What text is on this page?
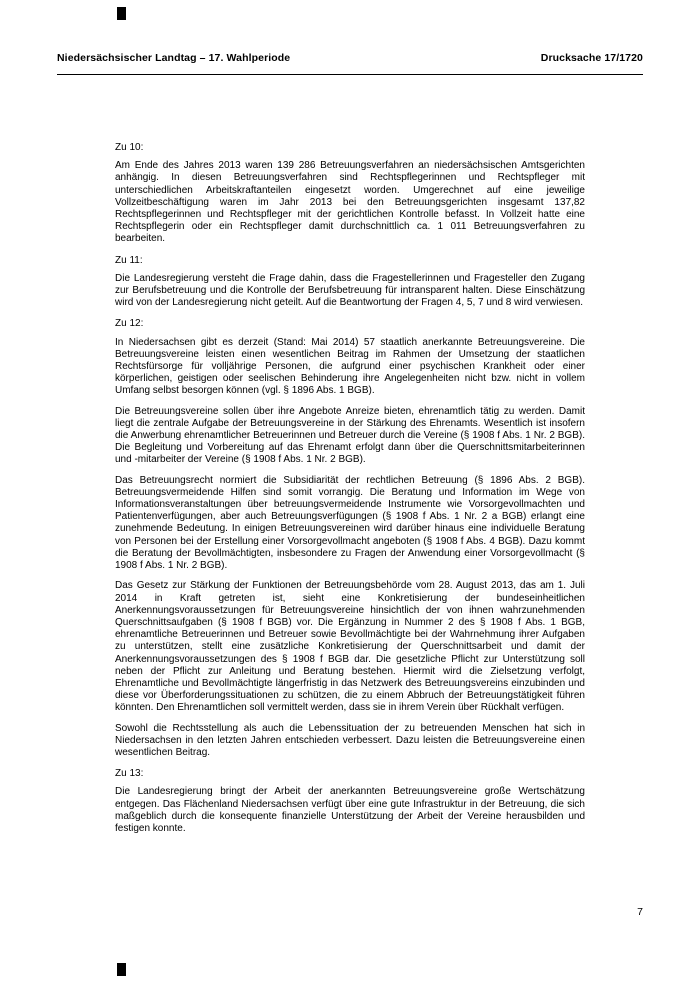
Niedersächsischer Landtag – 17. Wahlperiode	Drucksache 17/1720

Zu 10:

Am Ende des Jahres 2013 waren 139 286 Betreuungsverfahren an niedersächsischen Amtsgerichten anhängig. In diesen Betreuungsverfahren sind Rechtspflegerinnen und Rechtspfleger mit unterschiedlichen Arbeitskraftanteilen eingesetzt worden. Umgerechnet auf eine jeweilige Vollzeitbeschäftigung waren im Jahr 2013 bei den Betreuungsgerichten insgesamt 137,82 Rechtspflegerinnen und Rechtspfleger mit der gerichtlichen Kontrolle befasst. In Vollzeit hatte eine Rechtspflegerin oder ein Rechtspfleger damit durchschnittlich ca. 1 011 Betreuungsverfahren zu bearbeiten.

Zu 11:

Die Landesregierung versteht die Frage dahin, dass die Fragestellerinnen und Fragesteller den Zugang zur Berufsbetreuung und die Kontrolle der Berufsbetreuung für intransparent halten. Diese Einschätzung wird von der Landesregierung nicht geteilt. Auf die Beantwortung der Fragen 4, 5, 7 und 8 wird verwiesen.

Zu 12:

In Niedersachsen gibt es derzeit (Stand: Mai 2014) 57 staatlich anerkannte Betreuungsvereine. Die Betreuungsvereine leisten einen wesentlichen Beitrag im Rahmen der Umsetzung der staatlichen Rechtsfürsorge für volljährige Personen, die aufgrund einer psychischen Krankheit oder einer körperlichen, geistigen oder seelischen Behinderung ihre Angelegenheiten nicht bzw. nicht in vollem Umfang selbst besorgen können (vgl. § 1896 Abs. 1 BGB).

Die Betreuungsvereine sollen über ihre Angebote Anreize bieten, ehrenamtlich tätig zu werden. Damit liegt die zentrale Aufgabe der Betreuungsvereine in der Stärkung des Ehrenamts. Wesentlich ist insofern die Anwerbung ehrenamtlicher Betreuerinnen und Betreuer durch die Vereine (§ 1908 f Abs. 1 Nr. 2 BGB). Die Begleitung und Vorbereitung auf das Ehrenamt erfolgt dann über die Querschnittsmitarbeiterinnen und -mitarbeiter der Vereine (§ 1908 f Abs. 1 Nr. 2 BGB).

Das Betreuungsrecht normiert die Subsidiarität der rechtlichen Betreuung (§ 1896 Abs. 2 BGB). Betreuungsvermeidende Hilfen sind somit vorrangig. Die Beratung und Information im Wege von Informationsveranstaltungen über betreuungsvermeidende Instrumente wie Vorsorgevollmachten und Patientenverfügungen, aber auch Betreuungsverfügungen (§ 1908 f Abs. 1 Nr. 2 a BGB) erlangt eine zunehmende Bedeutung. In einigen Betreuungsvereinen wird darüber hinaus eine individuelle Beratung von Personen bei der Erstellung einer Vorsorgevollmacht angeboten (§ 1908 f Abs. 4 BGB). Dazu kommt die Beratung der Bevollmächtigten, insbesondere zu Fragen der Anwendung einer Vorsorgevollmacht (§ 1908 f Abs. 1 Nr. 2 BGB).

Das Gesetz zur Stärkung der Funktionen der Betreuungsbehörde vom 28. August 2013, das am 1. Juli 2014 in Kraft getreten ist, sieht eine Konkretisierung der bundeseinheitlichen Anerkennungsvoraussetzungen für Betreuungsvereine hinsichtlich der von ihnen wahrzunehmenden Querschnittsaufgaben (§ 1908 f BGB) vor. Die Ergänzung in Nummer 2 des § 1908 f Abs. 1 BGB, ehrenamtliche Betreuerinnen und Betreuer sowie Bevollmächtigte bei der Wahrnehmung ihrer Aufgaben zu unterstützen, stellt eine zusätzliche Konkretisierung der Querschnittsarbeit und damit der Anerkennungsvoraussetzungen des § 1908 f BGB dar. Die gesetzliche Pflicht zur Unterstützung soll neben der Pflicht zur Anleitung und Beratung bestehen. Hiermit wird die Zielsetzung verfolgt, Ehrenamtliche und Bevollmächtigte längerfristig in das Netzwerk des Betreuungsvereins einzubinden und diese vor Überforderungssituationen zu schützen, die zu einem Abbruch der Betreuungstätigkeit führen könnten. Den Ehrenamtlichen soll vermittelt werden, dass sie in ihrem Verein über Rückhalt verfügen.

Sowohl die Rechtsstellung als auch die Lebenssituation der zu betreuenden Menschen hat sich in Niedersachsen in den letzten Jahren entschieden verbessert. Dazu leisten die Betreuungsvereine einen wesentlichen Beitrag.

Zu 13:

Die Landesregierung bringt der Arbeit der anerkannten Betreuungsvereine große Wertschätzung entgegen. Das Flächenland Niedersachsen verfügt über eine gute Infrastruktur in der Betreuung, die sich maßgeblich durch die konsequente finanzielle Unterstützung der Arbeit der Vereine herausbilden und festigen konnte.

7
